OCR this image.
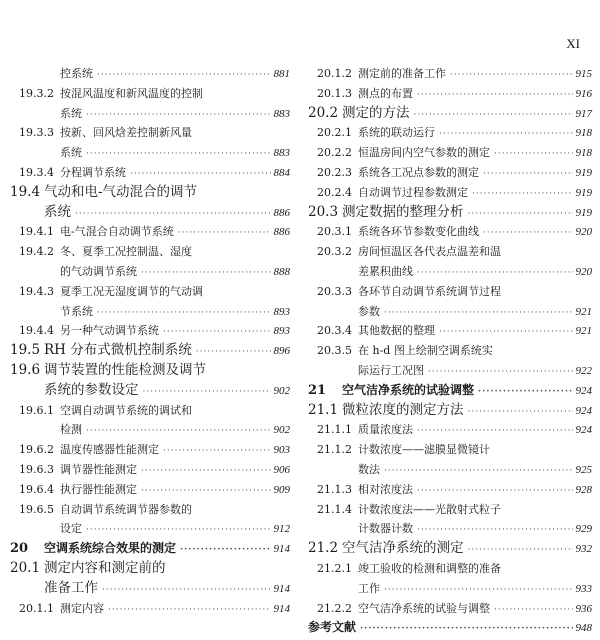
XI
控系统 ·····	881
19.3.2 按混风温度和新风温度的控制
系统 ·····	883
19.3.3 按新、回风焓差控制新风量
系统 ·····	883
19.3.4 分程调节系统 ·····	884
19.4 气动和电-气动混合的调节
系统 ·····	886
19.4.1 电-气混合自动调节系统 ·····	886
19.4.2 冬、夏季工况控制温、湿度
的气动调节系统 ·····	888
19.4.3 夏季工况无湿度调节的气动调
节系统 ·····	893
19.4.4 另一种气动调节系统 ·····	893
19.5 RH 分布式微机控制系统 ·····	896
19.6 调节装置的性能检测及调节
系统的参数设定 ·····	902
19.6.1 空调自动调节系统的调试和
检测 ·····	902
19.6.2 温度传感器性能测定 ·····	903
19.6.3 调节器性能测定 ·····	906
19.6.4 执行器性能测定 ·····	909
19.6.5 自动调节系统调节器参数的
设定 ·····	912
20	空调系统综合效果的测定 ·····	914
20.1 测定内容和测定前的
准备工作 ·····	914
20.1.1 测定内容 ·····	914
20.1.2 测定前的准备工作 ·····	915
20.1.3 测点的布置 ·····	916
20.2 测定的方法 ·····	917
20.2.1 系统的联动运行 ·····	918
20.2.2 恒温房间内空气参数的测定 ·····	918
20.2.3 系统各工况点参数的测定 ·····	919
20.2.4 自动调节过程参数测定 ·····	919
20.3 测定数据的整理分析 ·····	919
20.3.1 系统各环节参数变化曲线 ·····	920
20.3.2 房间恒温区各代表点温差和温
差累积曲线 ·····	920
20.3.3 各环节自动调节系统调节过程
参数 ·····	921
20.3.4 其他数据的整理 ·····	921
20.3.5 在 h-d 图上绘制空调系统实
际运行工况图 ·····	922
21	空气洁净系统的试验调整 ·····	924
21.1 微粒浓度的测定方法 ·····	924
21.1.1 质量浓度法 ·····	924
21.1.2 计数浓度——滤膜显微镜计
数法 ·····	925
21.1.3 相对浓度法 ·····	928
21.1.4 计数浓度法——光散射式粒子
计数器计数 ·····	929
21.2 空气洁净系统的测定 ·····	932
21.2.1 竣工验收的检测和调整的准备
工作 ·····	933
21.2.2 空气洁净系统的试验与调整 ·····	936
参考文献 ·····	948
